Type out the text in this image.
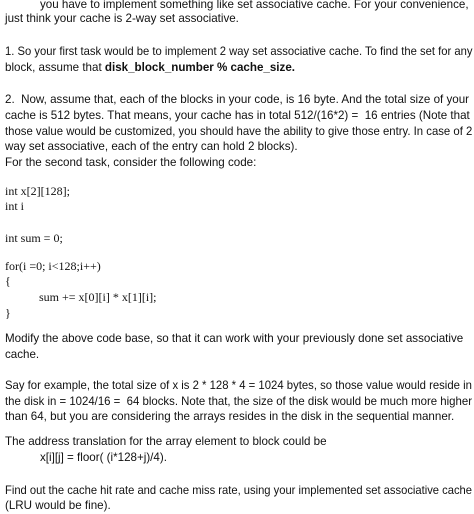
you have to implement something like set associative cache. For your convenience,
just think your cache is 2-way set associative.
1. So your first task would be to implement 2 way set associative cache. To find the set for any
block, assume that disk_block_number % cache_size.
2.  Now, assume that, each of the blocks in your code, is 16 byte. And the total size of your
cache is 512 bytes. That means, your cache has in total 512/(16*2) =  16 entries (Note that
those value would be customized, you should have the ability to give those entry. In case of 2
way set associative, each of the entry can hold 2 blocks).
For the second task, consider the following code:
int x[2][128];
int i
int sum = 0;
for(i =0; i<128;i++)
{
sum += x[0][i] * x[1][i];
}
Modify the above code base, so that it can work with your previously done set associative
cache.
Say for example, the total size of x is 2 * 128 * 4 = 1024 bytes, so those value would reside in
the disk in = 1024/16 =  64 blocks. Note that, the size of the disk would be much more higher
than 64, but you are considering the arrays resides in the disk in the sequential manner.
The address translation for the array element to block could be
x[i][j] = floor( (i*128+j)/4).
Find out the cache hit rate and cache miss rate, using your implemented set associative cache
(LRU would be fine).
